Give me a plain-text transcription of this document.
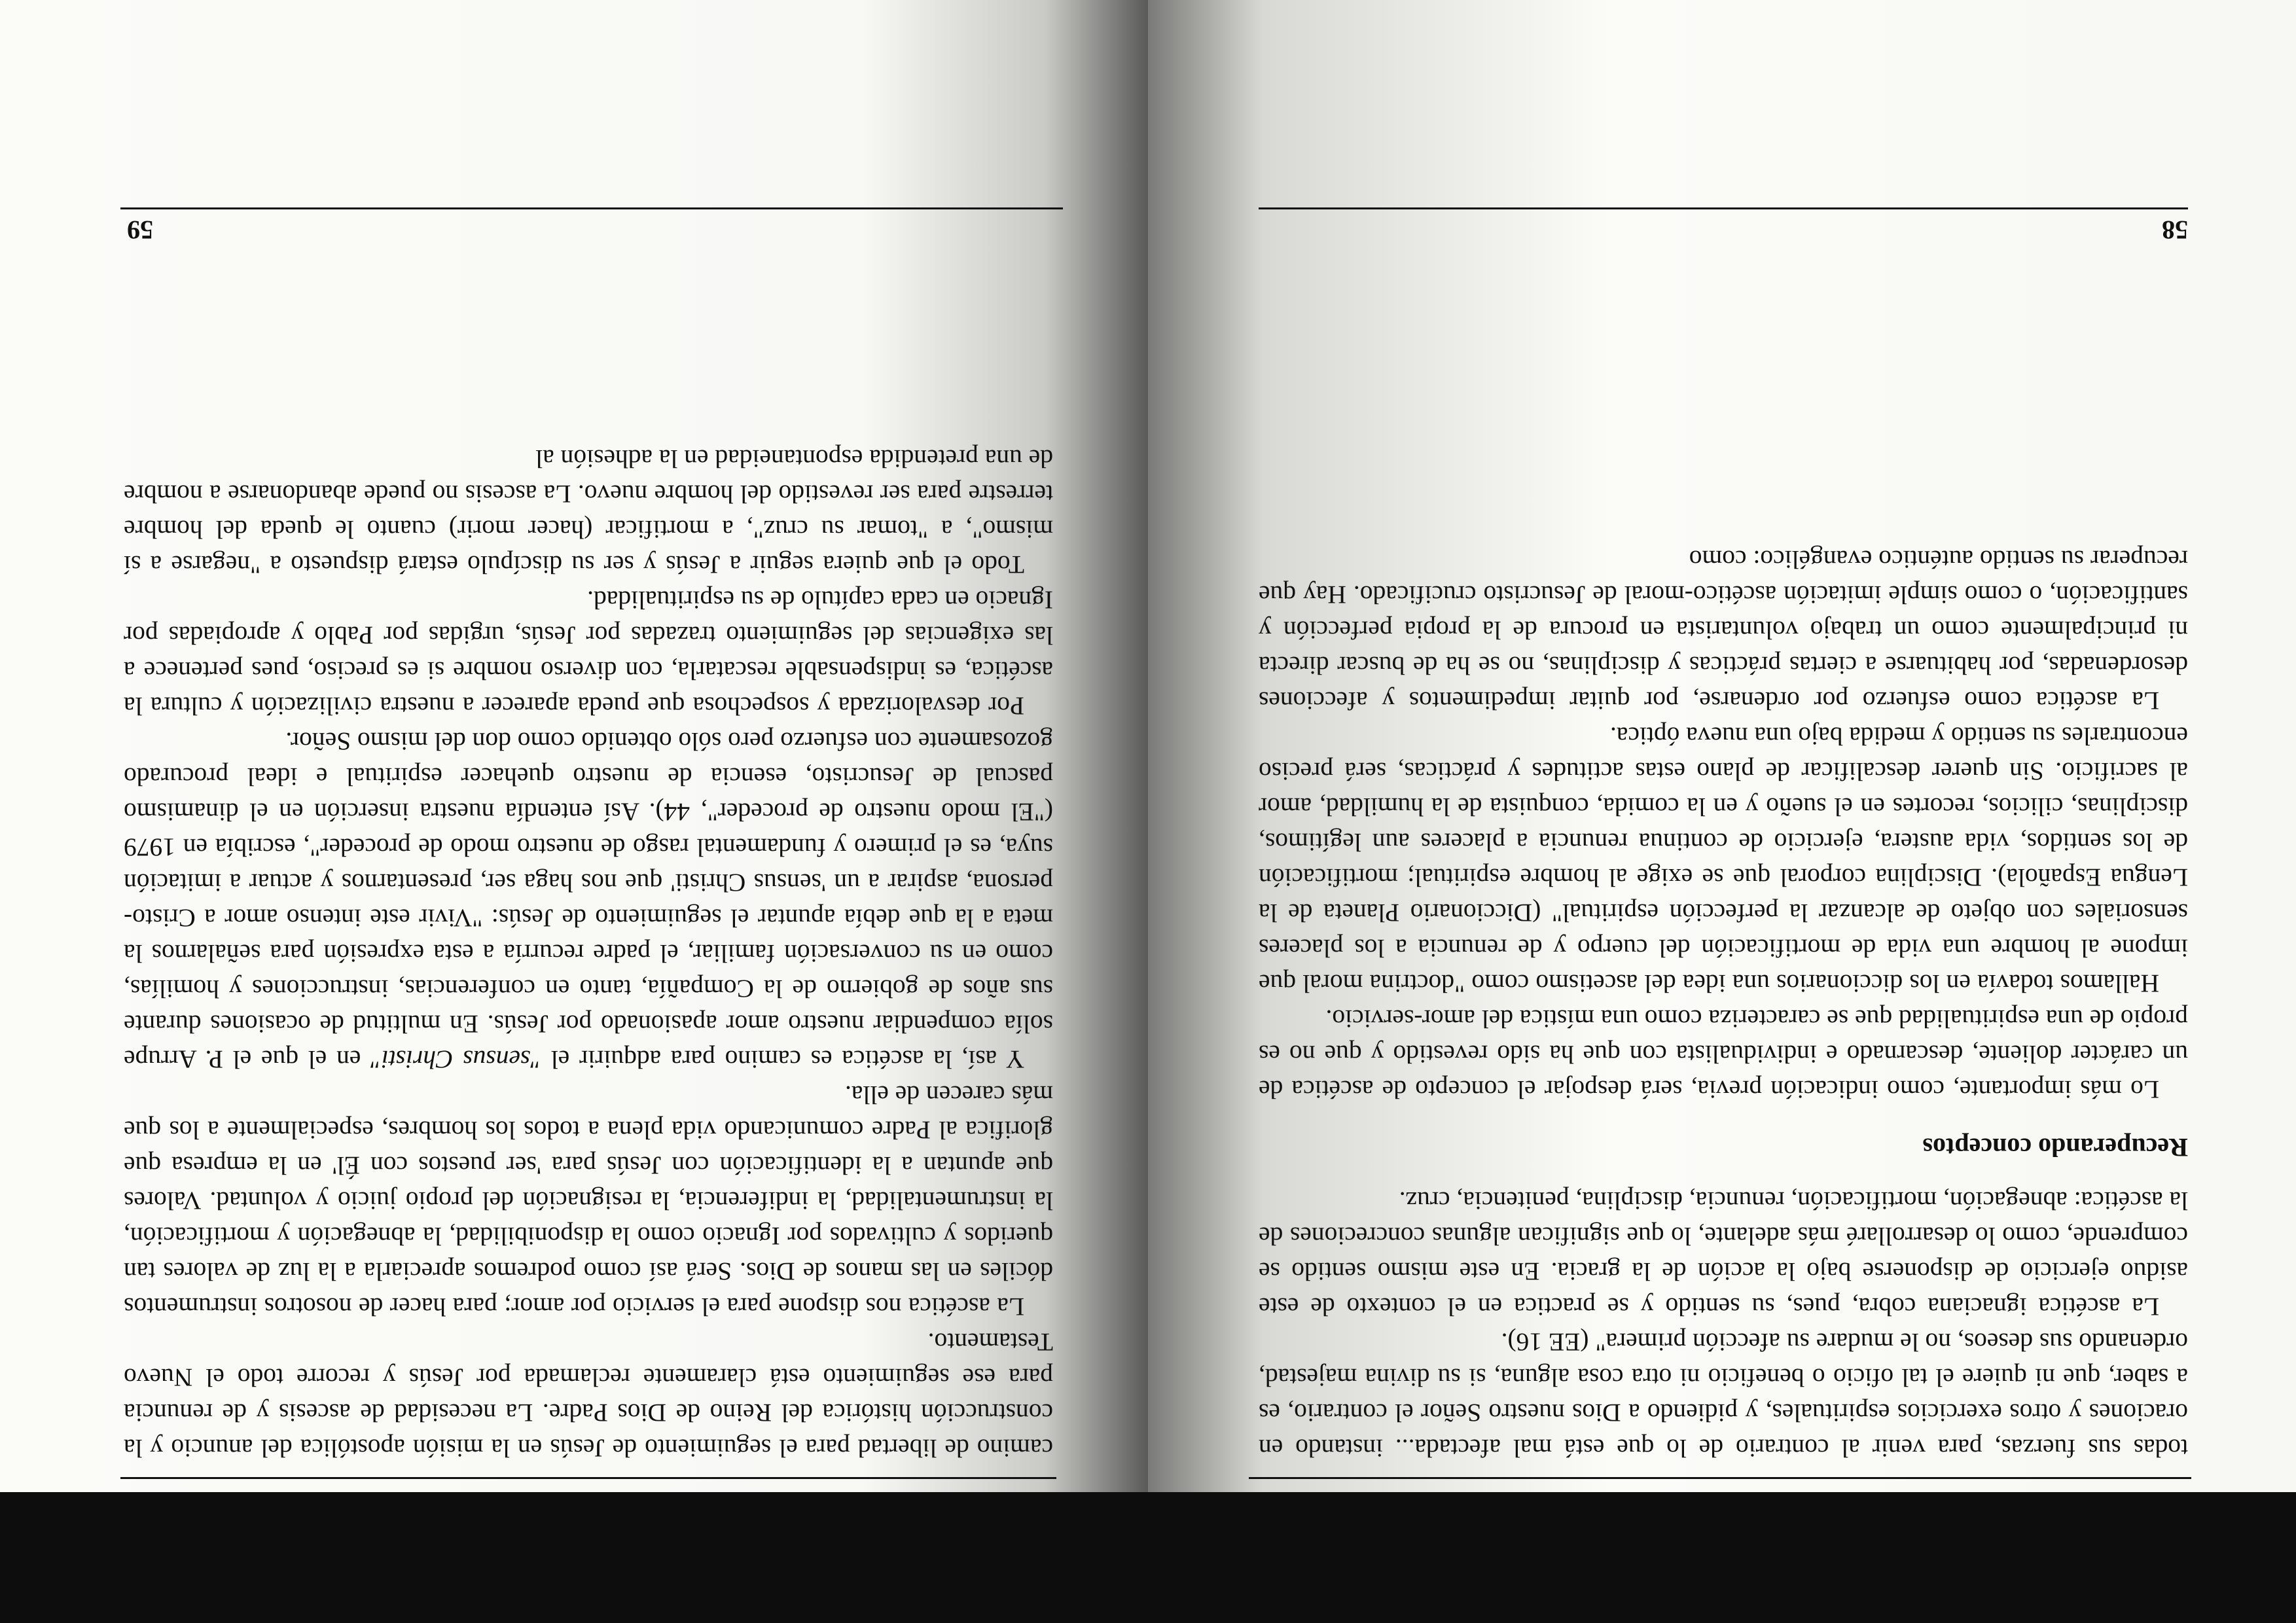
58
todas sus fuerzas, para venir al contrario de lo que está mal afectada... instando en oraciones y otros exercicios espirituales, y pidiendo a Dios nuestro Señor el contrario, es a saber, que ni quiere el tal oficio o beneficio ni otra cosa alguna, si su divina majestad, ordenando sus deseos, no le mudare su afección primera" (EE 16).

La ascética ignaciana cobra, pues, su sentido y se practica en el contexto de este asiduo ejercicio de disponerse bajo la acción de la gracia. En este mismo sentido se comprende, como lo desarrollaré más adelante, lo que significan algunas concreciones de la ascética: abnegación, mortificación, renuncia, disciplina, penitencia, cruz.

Recuperando conceptos

Lo más importante, como indicación previa, será despojar el concepto de ascética de un carácter doliente, descarnado e individualista con que ha sido revestido y que no es propio de una espiritualidad que se caracteriza como una mística del amor-servicio.

Hallamos todavía en los diccionarios una idea del ascetismo como "doctrina moral que impone al hombre una vida de mortificación del cuerpo y de renuncia a los placeres sensoriales con objeto de alcanzar la perfección espiritual" (Diccionario Planeta de la Lengua Española). Disciplina corporal que se exige al hombre espiritual; mortificación de los sentidos, vida austera, ejercicio de continua renuncia a placeres aun legítimos, disciplinas, cilicios, recortes en el sueño y en la comida, conquista de la humildad, amor al sacrificio. Sin querer descalificar de plano estas actitudes y prácticas, será preciso encontrarles su sentido y medida bajo una nueva óptica.

La ascética como esfuerzo por ordenarse, por quitar impedimentos y afecciones desordenadas, por habituarse a ciertas prácticas y disciplinas, no se ha de buscar directa ni principalmente como un trabajo voluntarista en procura de la propia perfección y santificación, o como simple imitación ascético-moral de Jesucristo crucificado. Hay que recuperar su sentido auténtico evangélico: como

59
camino de libertad para el seguimiento de Jesús en la misión apostólica del anuncio y la construcción histórica del Reino de Dios Padre. La necesidad de ascesis y de renuncia para ese seguimiento está claramente reclamada por Jesús y recorre todo el Nuevo Testamento.

La ascética nos dispone para el servicio por amor; para hacer de nosotros instrumentos dóciles en las manos de Dios. Será así como podremos apreciarla a la luz de valores tan queridos y cultivados por Ignacio como la disponibilidad, la abnegación y mortificación, la instrumentalidad, la indiferencia, la resignación del propio juicio y voluntad. Valores que apuntan a la identificación con Jesús para 'ser puestos con Él' en la empresa que glorifica al Padre comunicando vida plena a todos los hombres, especialmente a los que más carecen de ella.

Y así, la ascética es camino para adquirir el "sensus Christi" en el que el P. Arrupe solía compendiar nuestro amor apasionado por Jesús. En multitud de ocasiones durante sus años de gobierno de la Compañía, tanto en conferencias, instrucciones y homilías, como en su conversación familiar, el padre recurría a esta expresión para señalarnos la meta a la que debía apuntar el seguimiento de Jesús: "Vivir este intenso amor a Cristo-persona, aspirar a un 'sensus Christi' que nos haga ser, presentarnos y actuar a imitación suya, es el primero y fundamental rasgo de nuestro modo de proceder", escribía en 1979 ("El modo nuestro de proceder", 44). Así entendía nuestra inserción en el dinamismo pascual de Jesucristo, esencia de nuestro quehacer espiritual e ideal procurado gozosamente con esfuerzo pero sólo obtenido como don del mismo Señor.

Por desvalorizada y sospechosa que pueda aparecer a nuestra civilización y cultura la ascética, es indispensable rescatarla, con diverso nombre si es preciso, pues pertenece a las exigencias del seguimiento trazadas por Jesús, urgidas por Pablo y apropiadas por Ignacio en cada capítulo de su espiritualidad.

Todo el que quiera seguir a Jesús y ser su discípulo estará dispuesto a "negarse a sí mismo", a "tomar su cruz", a mortificar (hacer morir) cuanto le queda del hombre terrestre para ser revestido del hombre nuevo. La ascesis no puede abandonarse a nombre de una pretendida espontaneidad en la adhesión al
